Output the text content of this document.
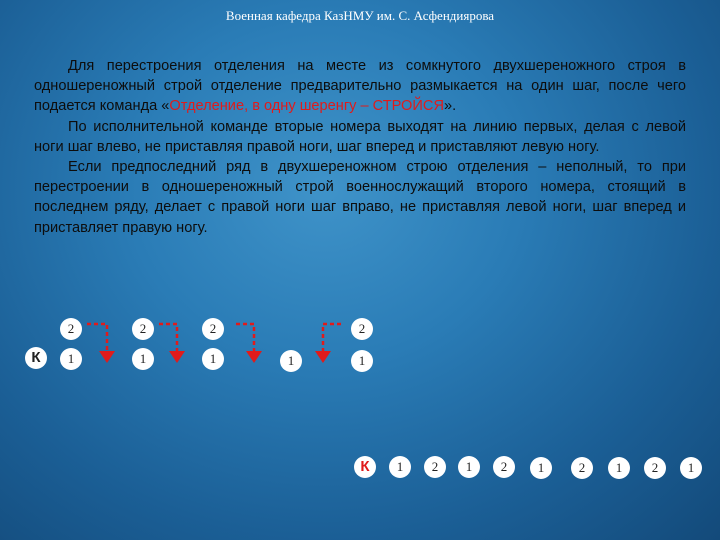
Военная кафедра КазНМУ им. С. Асфендиярова

Для перестроения отделения на месте из сомкнутого двухшереножного строя в одношереножный строй отделение предварительно размыкается на один шаг, после чего подается команда «Отделение, в одну шеренгу – СТРОЙСЯ».

По исполнительной команде вторые номера выходят на линию первых, делая с левой ноги шаг влево, не приставляя правой ноги, шаг вперед и приставляют левую ногу.

Если предпоследний ряд в двухшереножном строю отделения – неполный, то при перестроении в одношереножный строй военнослужащий второго номера, стоящий в последнем ряду, делает с правой ноги шаг вправо, не приставляя левой ноги, шаг вперед и приставляет правую ногу.

К
2	2	2	2
1	1	1	1	1
К	1	2	1	2	1	2	1	2	1
